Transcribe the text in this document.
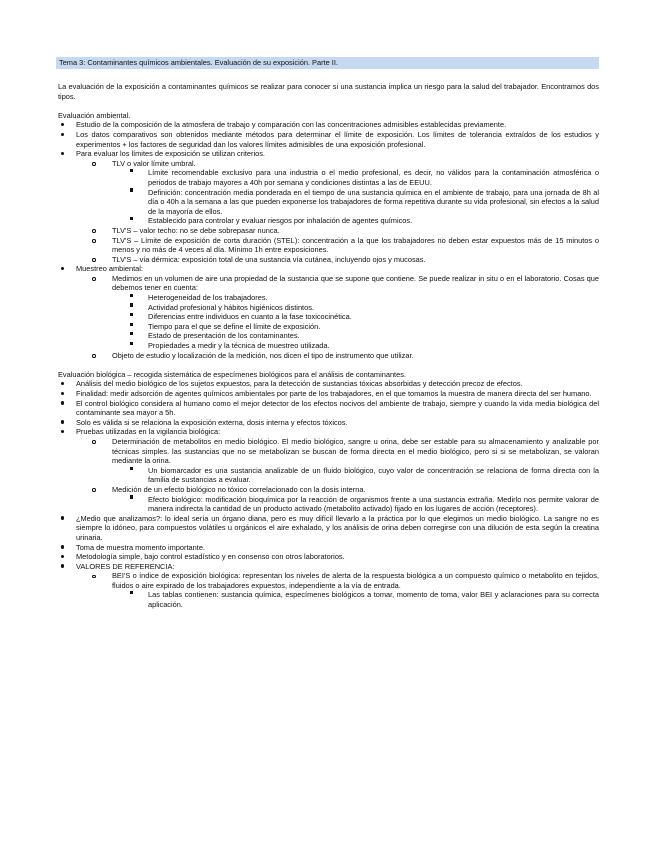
Tema 3: Contaminantes químicos ambientales. Evaluación de su exposición. Parte II.

La evaluación de la exposición a contaminantes químicos se realizar para conocer si una sustancia implica un riesgo para la salud del trabajador. Encontramos dos tipos.

Evaluación ambiental.

Estudio de la composición de la atmosfera de trabajo y comparación con las concentraciones admisibles establecidas previamente.
Los datos comparativos son obtenidos mediante métodos para determinar el límite de exposición. Los límites de tolerancia extraídos de los estudios y experimentos + los factores de seguridad dan los valores límites admisibles de una exposición profesional.
Para evaluar los límites de exposición se utilizan criterios.
TLV o valor límite umbral.
Límite recomendable exclusivo para una industria o el medio profesional, es decir, no válidos para la contaminación atmosférica o periodos de trabajo mayores a 40h por semana y condiciones distintas a las de EEUU.
Definición: concentración media ponderada en el tiempo de una sustancia química en el ambiente de trabajo, para una jornada de 8h al día o 40h a la semana a las que pueden exponerse los trabajadores de forma repetitiva durante su vida profesional, sin efectos a la salud de la mayoría de ellos.
Establecido para controlar y evaluar riesgos por inhalación de agentes químicos.
TLV'S – valor techo: no se debe sobrepasar nunca.
TLV'S – Límite de exposición de corta duración (STEL): concentración a la que los trabajadores no deben estar expuestos más de 15 minutos o menos y no más de 4 veces al día. Mínimo 1h entre exposiciones.
TLV'S – vía dérmica: exposición total de una sustancia vía cutánea, incluyendo ojos y mucosas.
Muestreo ambiental:
Medimos en un volumen de aire una propiedad de la sustancia que se supone que contiene. Se puede realizar in situ o en el laboratorio. Cosas que debemos tener en cuenta:
Heterogeneidad de los trabajadores.
Actividad profesional y hábitos higiénicos distintos.
Diferencias entre individuos en cuanto a la fase toxicocinética.
Tiempo para el que se define el límite de exposición.
Estado de presentación de los contaminantes.
Propiedades a medir y la técnica de muestreo utilizada.
Objeto de estudio y localización de la medición, nos dicen el tipo de instrumento que utilizar.

Evaluación biológica – recogida sistemática de especímenes biológicos para el análisis de contaminantes.

Análisis del medio biológico de los sujetos expuestos, para la detección de sustancias tóxicas absorbidas y detección precoz de efectos.
Finalidad: medir adsorción de agentes químicos ambientales por parte de los trabajadores, en el que tomamos la muestra de manera directa del ser humano.
El control biológico considera al humano como el mejor detector de los efectos nocivos del ambiente de trabajo, siempre y cuando la vida media biológica del contaminante sea mayor a 5h.
Solo es válida si se relaciona la exposición externa, dosis interna y efectos tóxicos.
Pruebas utilizadas en la vigilancia biológica:
Determinación de metabolitos en medio biológico. El medio biológico, sangre u orina, debe ser estable para su almacenamiento y analizable por técnicas simples. las sustancias que no se metabolizan se buscan de forma directa en el medio biológico, pero si si se metabolizan, se valoran mediante la orina.
Un biomarcador es una sustancia analizable de un fluido biológico, cuyo valor de concentración se relaciona de forma directa con la familia de sustancias a evaluar.
Medición de un efecto biológico no tóxico correlacionado con la dosis interna.
Efecto biológico: modificación bioquímica por la reacción de organismos frente a una sustancia extraña. Medirlo nos permite valorar de manera indirecta la cantidad de un producto activado (metabolito activado) fijado en los lugares de acción (receptores).
¿Medio que analizamos?: lo ideal sería un órgano diana, pero es muy difícil llevarlo a la práctica por lo que elegimos un medio biológico. La sangre no es siempre lo idóneo, para compuestos volátiles u orgánicos el aire exhalado, y los análisis de orina deben corregirse con una dilución de esta según la creatina urinaria.
Toma de muestra momento importante.
Metodología simple, bajo control estadístico y en consenso con otros laboratorios.
VALORES DE REFERENCIA:
BEI'S o índice de exposición biológica: representan los niveles de alerta de la respuesta biológica a un compuesto químico o metabolito en tejidos, fluidos o aire expirado de los trabajadores expuestos, independiente a la vía de entrada.
Las tablas contienen: sustancia química, especímenes biológicos a tomar, momento de toma, valor BEI y aclaraciones para su correcta aplicación.
